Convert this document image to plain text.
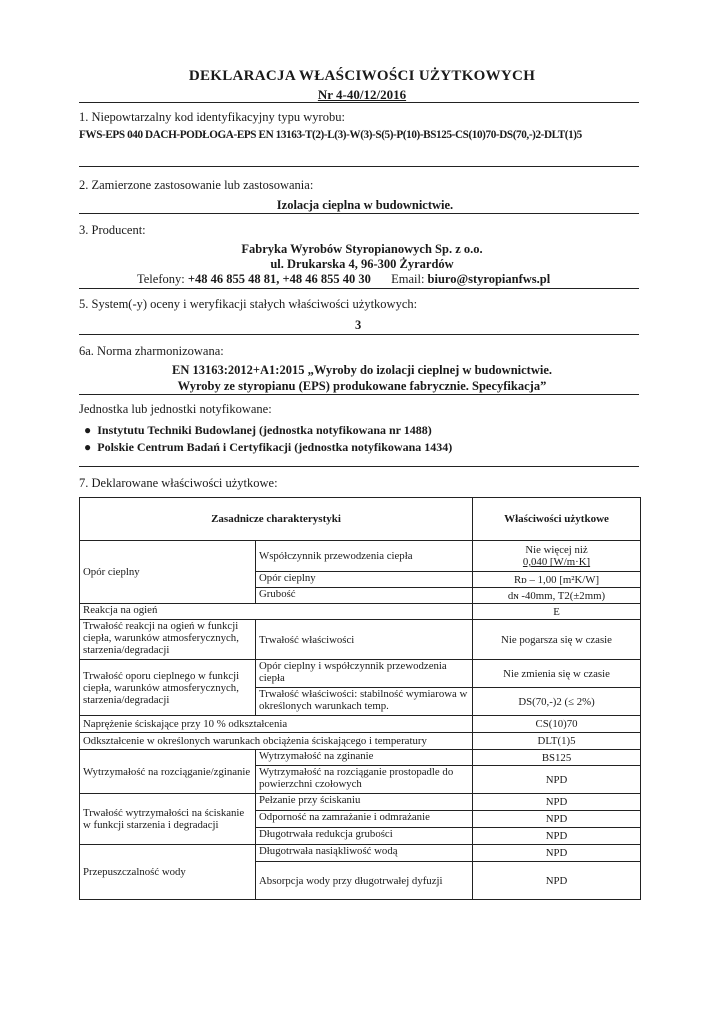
DEKLARACJA WŁAŚCIWOŚCI UŻYTKOWYCH
Nr 4-40/12/2016
1. Niepowtarzalny kod identyfikacyjny typu wyrobu:
FWS-EPS 040 DACH-PODŁOGA-EPS EN 13163-T(2)-L(3)-W(3)-S(5)-P(10)-BS125-CS(10)70-DS(70,-)2-DLT(1)5
2. Zamierzone zastosowanie lub zastosowania:
Izolacja cieplna w budownictwie.
3. Producent:
Fabryka Wyrobów Styropianowych Sp. z o.o.
ul. Drukarska 4, 96-300 Żyrardów
Telefony: +48 46 855 48 81, +48 46 855 40 30 Email: biuro@styropianfws.pl
5. System(-y) oceny i weryfikacji stałych właściwości użytkowych:
3
6a. Norma zharmonizowana:
EN 13163:2012+A1:2015 „Wyroby do izolacji cieplnej w budownictwie.
Wyroby ze styropianu (EPS) produkowane fabrycznie. Specyfikacja”
Jednostka lub jednostki notyfikowane:
● Instytutu Techniki Budowlanej (jednostka notyfikowana nr 1488)
● Polskie Centrum Badań i Certyfikacji (jednostka notyfikowana 1434)
7. Deklarowane właściwości użytkowe:
Zasadnicze charakterystyki		Właściwości użytkowe
Opór cieplny	Współczynnik przewodzenia ciepła	Nie więcej niż
0,040 [W/m·K]

	Opór cieplny	Rᴅ – 1,00 [m²K/W]
	Grubość	dɴ -40mm, T2(±2mm)
Reakcja na ogień		E
Trwałość reakcji na ogień w funkcji ciepła, warunków atmosferycznych, starzenia/degradacji	Trwałość właściwości	Nie pogarsza się w czasie
Trwałość oporu cieplnego w funkcji ciepła, warunków atmosferycznych, starzenia/degradacji	Opór cieplny i współczynnik przewodzenia ciepła	Nie zmienia się w czasie
	Trwałość właściwości: stabilność wymiarowa w określonych warunkach temp.	DS(70,-)2 (≤ 2%)
Naprężenie ściskające przy 10 % odkształcenia		CS(10)70
Odkształcenie w określonych warunkach obciążenia ściskającego i temperatury		DLT(1)5
Wytrzymałość na rozciąganie/zginanie	Wytrzymałość na zginanie	BS125
	Wytrzymałość na rozciąganie prostopadle do powierzchni czołowych	NPD
Trwałość wytrzymałości na ściskanie w funkcji starzenia i degradacji	Pełzanie przy ściskaniu	NPD
	Odporność na zamrażanie i odmrażanie	NPD
	Długotrwała redukcja grubości	NPD
Przepuszczalność wody	Długotrwała nasiąkliwość wodą	NPD
	Absorpcja wody przy długotrwałej dyfuzji	NPD
